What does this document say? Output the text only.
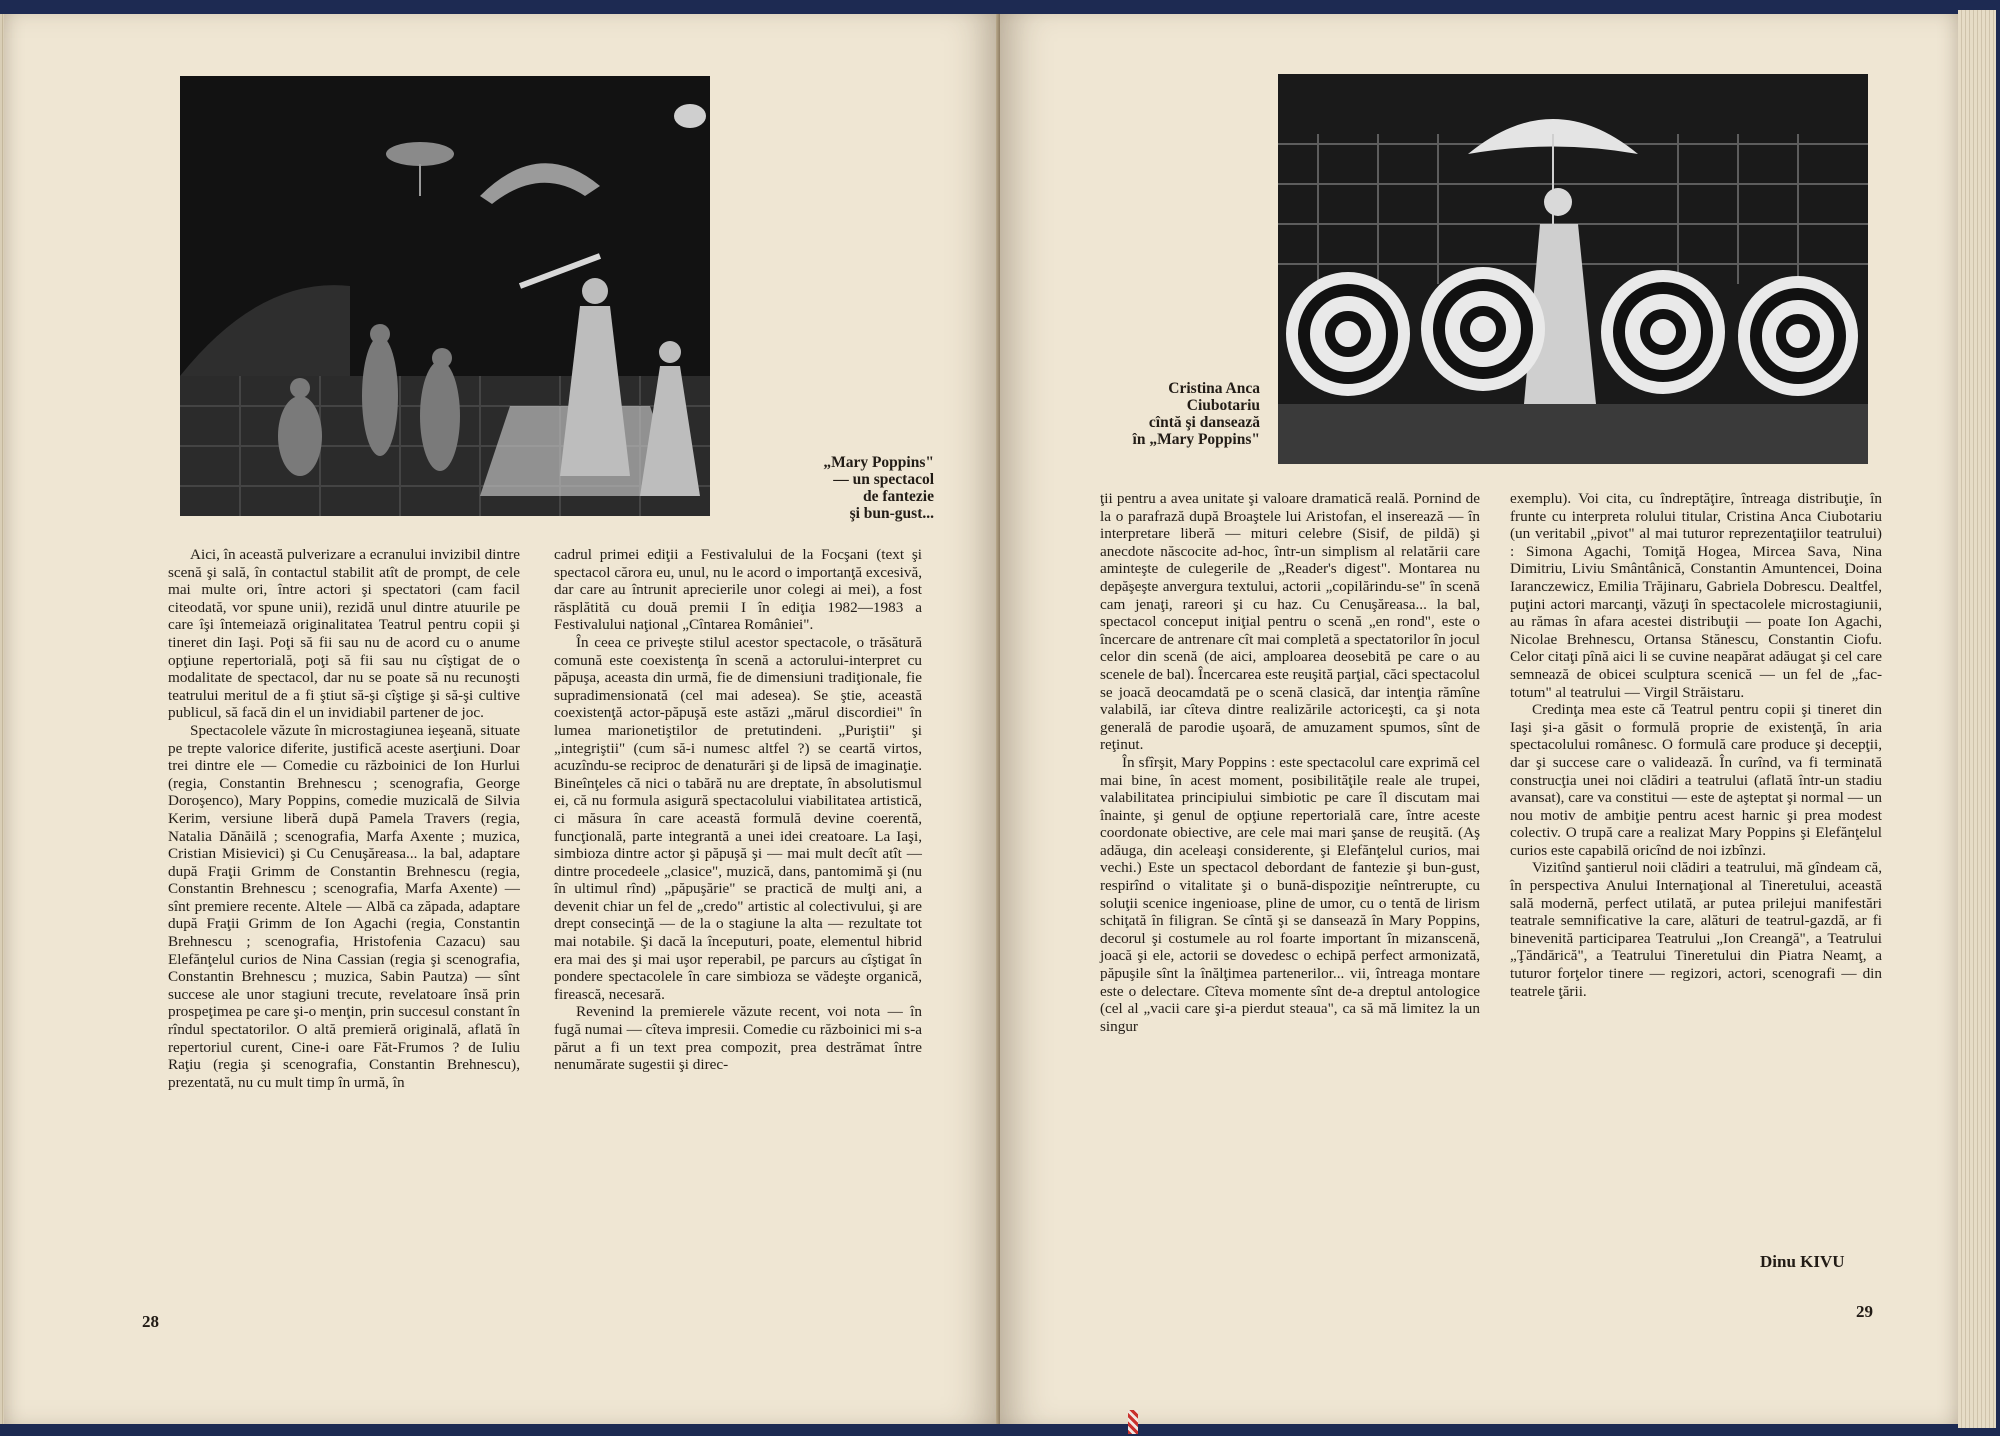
„Mary Poppins"
— un spectacol
de fantezie
şi bun-gust...

Aici, în această pulverizare a ecranului invizibil dintre scenă şi sală, în contactul stabilit atît de prompt, de cele mai multe ori, între actori şi spectatori (cam facil citeodată, vor spune unii), rezidă unul dintre atuurile pe care îşi întemeiază originalitatea Teatrul pentru copii şi tineret din Iaşi. Poţi să fii sau nu de acord cu o anume opţiune repertorială, poţi să fii sau nu cîştigat de o modalitate de spectacol, dar nu se poate să nu recunoşti teatrului meritul de a fi ştiut să-şi cîştige şi să-şi cultive publicul, să facă din el un invidiabil partener de joc.

Spectacolele văzute în microstagiunea ieşeană, situate pe trepte valorice diferite, justifică aceste aserţiuni. Doar trei dintre ele — Comedie cu războinici de Ion Hurlui (regia, Constantin Brehnescu ; scenografia, George Doroşenco), Mary Poppins, comedie muzicală de Silvia Kerim, versiune liberă după Pamela Travers (regia, Natalia Dănăilă ; scenografia, Marfa Axente ; muzica, Cristian Misievici) şi Cu Cenuşăreasa... la bal, adaptare după Fraţii Grimm de Constantin Brehnescu (regia, Constantin Brehnescu ; scenografia, Marfa Axente) — sînt premiere recente. Altele — Albă ca zăpada, adaptare după Fraţii Grimm de Ion Agachi (regia, Constantin Brehnescu ; scenografia, Hristofenia Cazacu) sau Elefănţelul curios de Nina Cassian (regia şi scenografia, Constantin Brehnescu ; muzica, Sabin Pautza) — sînt succese ale unor stagiuni trecute, revelatoare însă prin prospeţimea pe care şi-o menţin, prin succesul constant în rîndul spectatorilor. O altă premieră originală, aflată în repertoriul curent, Cine-i oare Făt-Frumos ? de Iuliu Raţiu (regia şi scenografia, Constantin Brehnescu), prezentată, nu cu mult timp în urmă, în

cadrul primei ediţii a Festivalului de la Focşani (text şi spectacol cărora eu, unul, nu le acord o importanţă excesivă, dar care au întrunit aprecierile unor colegi ai mei), a fost răsplătită cu două premii I în ediţia 1982—1983 a Festivalului naţional „Cîntarea României".

În ceea ce priveşte stilul acestor spectacole, o trăsătură comună este coexistenţa în scenă a actorului-interpret cu păpuşa, aceasta din urmă, fie de dimensiuni tradiţionale, fie supradimensionată (cel mai adesea). Se ştie, această coexistenţă actor-păpuşă este astăzi „mărul discordiei" în lumea marionetiştilor de pretutindeni. „Puriştii" şi „integriştii" (cum să-i numesc altfel ?) se ceartă virtos, acuzîndu-se reciproc de denaturări şi de lipsă de imaginaţie. Bineînţeles că nici o tabără nu are dreptate, în absolutismul ei, că nu formula asigură spectacolului viabilitatea artistică, ci măsura în care această formulă devine coerentă, funcţională, parte integrantă a unei idei creatoare. La Iaşi, simbioza dintre actor şi păpuşă şi — mai mult decît atît — dintre procedeele „clasice", muzică, dans, pantomimă şi (nu în ultimul rînd) „păpuşărie" se practică de mulţi ani, a devenit chiar un fel de „credo" artistic al colectivului, şi are drept consecinţă — de la o stagiune la alta — rezultate tot mai notabile. Şi dacă la începuturi, poate, elementul hibrid era mai des şi mai uşor reperabil, pe parcurs au cîştigat în pondere spectacolele în care simbioza se vădeşte organică, firească, necesară.

Revenind la premierele văzute recent, voi nota — în fugă numai — cîteva impresii. Comedie cu războinici mi s-a părut a fi un text prea compozit, prea destrămat între nenumărate sugestii şi direc-

28
Cristina Anca
Ciubotariu
cîntă şi dansează
în „Mary Poppins"

ţii pentru a avea unitate şi valoare dramatică reală. Pornind de la o parafrază după Broaştele lui Aristofan, el inserează — în interpretare liberă — mituri celebre (Sisif, de pildă) şi anecdote născocite ad-hoc, într-un simplism al relatării care aminteşte de culegerile de „Reader's digest". Montarea nu depăşeşte anvergura textului, actorii „copilărindu-se" în scenă cam jenaţi, rareori şi cu haz. Cu Cenuşăreasa... la bal, spectacol conceput iniţial pentru o scenă „en rond", este o încercare de antrenare cît mai completă a spectatorilor în jocul celor din scenă (de aici, amploarea deosebită pe care o au scenele de bal). Încercarea este reuşită parţial, căci spectacolul se joacă deocamdată pe o scenă clasică, dar intenţia rămîne valabilă, iar cîteva dintre realizările actoriceşti, ca şi nota generală de parodie uşoară, de amuzament spumos, sînt de reţinut.

În sfîrşit, Mary Poppins : este spectacolul care exprimă cel mai bine, în acest moment, posibilităţile reale ale trupei, valabilitatea principiului simbiotic pe care îl discutam mai înainte, şi genul de opţiune repertorială care, între aceste coordonate obiective, are cele mai mari şanse de reuşită. (Aş adăuga, din aceleaşi considerente, şi Elefănţelul curios, mai vechi.) Este un spectacol debordant de fantezie şi bun-gust, respirînd o vitalitate şi o bună-dispoziţie neîntrerupte, cu soluţii scenice ingenioase, pline de umor, cu o tentă de lirism schiţată în filigran. Se cîntă şi se dansează în Mary Poppins, decorul şi costumele au rol foarte important în mizanscenă, joacă şi ele, actorii se dovedesc o echipă perfect armonizată, păpuşile sînt la înălţimea partenerilor... vii, întreaga montare este o delectare. Cîteva momente sînt de-a dreptul antologice (cel al „vacii care şi-a pierdut steaua", ca să mă limitez la un singur

exemplu). Voi cita, cu îndreptăţire, întreaga distribuţie, în frunte cu interpreta rolului titular, Cristina Anca Ciubotariu (un veritabil „pivot" al mai tuturor reprezentaţiilor teatrului) : Simona Agachi, Tomiţă Hogea, Mircea Sava, Nina Dimitriu, Liviu Smântânică, Constantin Amuntencei, Doina Iaranczewicz, Emilia Trăjinaru, Gabriela Dobrescu. Dealtfel, puţini actori marcanţi, văzuţi în spectacolele microstagiunii, au rămas în afara acestei distribuţii — poate Ion Agachi, Nicolae Brehnescu, Ortansa Stănescu, Constantin Ciofu. Celor citaţi pînă aici li se cuvine neapărat adăugat şi cel care semnează de obicei sculptura scenică — un fel de „fac-totum" al teatrului — Virgil Străistaru.

Credinţa mea este că Teatrul pentru copii şi tineret din Iaşi şi-a găsit o formulă proprie de existenţă, în aria spectacolului românesc. O formulă care produce şi decepţii, dar şi succese care o validează. În curînd, va fi terminată construcţia unei noi clădiri a teatrului (aflată într-un stadiu avansat), care va constitui — este de aşteptat şi normal — un nou motiv de ambiţie pentru acest harnic şi prea modest colectiv. O trupă care a realizat Mary Poppins şi Elefănţelul curios este capabilă oricînd de noi izbînzi.

Vizitînd şantierul noii clădiri a teatrului, mă gîndeam că, în perspectiva Anului Internaţional al Tineretului, această sală modernă, perfect utilată, ar putea prilejui manifestări teatrale semnificative la care, alături de teatrul-gazdă, ar fi binevenită participarea Teatrului „Ion Creangă", a Teatrului „Ţăndărică", a Teatrului Tineretului din Piatra Neamţ, a tuturor forţelor tinere — regizori, actori, scenografi — din teatrele ţării.

Dinu KIVU
29
